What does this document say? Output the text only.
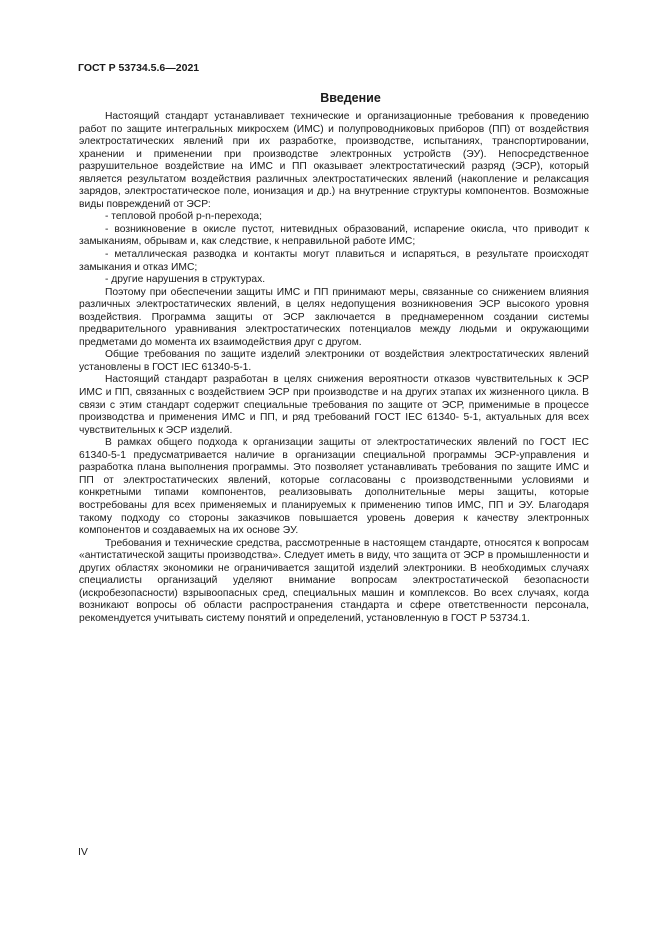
ГОСТ Р 53734.5.6—2021
Введение

Настоящий стандарт устанавливает технические и организационные требования к проведению работ по защите интегральных микросхем (ИМС) и полупроводниковых приборов (ПП) от воздействия электростатических явлений при их разработке, производстве, испытаниях, транспортировании, хранении и применении при производстве электронных устройств (ЭУ). Непосредственное разрушительное воздействие на ИМС и ПП оказывает электростатический разряд (ЭСР), который является результатом воздействия различных электростатических явлений (накопление и релаксация зарядов, электростатическое поле, ионизация и др.) на внутренние структуры компонентов. Возможные виды повреждений от ЭСР:

- тепловой пробой p-n-перехода;

- возникновение в окисле пустот, нитевидных образований, испарение окисла, что приводит к замыканиям, обрывам и, как следствие, к неправильной работе ИМС;

- металлическая разводка и контакты могут плавиться и испаряться, в результате происходят замыкания и отказ ИМС;

- другие нарушения в структурах.

Поэтому при обеспечении защиты ИМС и ПП принимают меры, связанные со снижением влияния различных электростатических явлений, в целях недопущения возникновения ЭСР высокого уровня воздействия. Программа защиты от ЭСР заключается в преднамеренном создании системы предварительного уравнивания электростатических потенциалов между людьми и окружающими предметами до момента их взаимодействия друг с другом.

Общие требования по защите изделий электроники от воздействия электростатических явлений установлены в ГОСТ IEC 61340-5-1.

Настоящий стандарт разработан в целях снижения вероятности отказов чувствительных к ЭСР ИМС и ПП, связанных с воздействием ЭСР при производстве и на других этапах их жизненного цикла. В связи с этим стандарт содержит специальные требования по защите от ЭСР, применимые в процессе производства и применения ИМС и ПП, и ряд требований ГОСТ IEC 61340- 5-1, актуальных для всех чувствительных к ЭСР изделий.

В рамках общего подхода к организации защиты от электростатических явлений по ГОСТ IEC 61340-5-1 предусматривается наличие в организации специальной программы ЭСР-управления и разработка плана выполнения программы. Это позволяет устанавливать требования по защите ИМС и ПП от электростатических явлений, которые согласованы с производственными условиями и конкретными типами компонентов, реализовывать дополнительные меры защиты, которые востребованы для всех применяемых и планируемых к применению типов ИМС, ПП и ЭУ. Благодаря такому подходу со стороны заказчиков повышается уровень доверия к качеству электронных компонентов и создаваемых на их основе ЭУ.

Требования и технические средства, рассмотренные в настоящем стандарте, относятся к вопросам «антистатической защиты производства». Следует иметь в виду, что защита от ЭСР в промышленности и других областях экономики не ограничивается защитой изделий электроники. В необходимых случаях специалисты организаций уделяют внимание вопросам электростатической безопасности (искробезопасности) взрывоопасных сред, специальных машин и комплексов. Во всех случаях, когда возникают вопросы об области распространения стандарта и сфере ответственности персонала, рекомендуется учитывать систему понятий и определений, установленную в ГОСТ Р 53734.1.

IV
